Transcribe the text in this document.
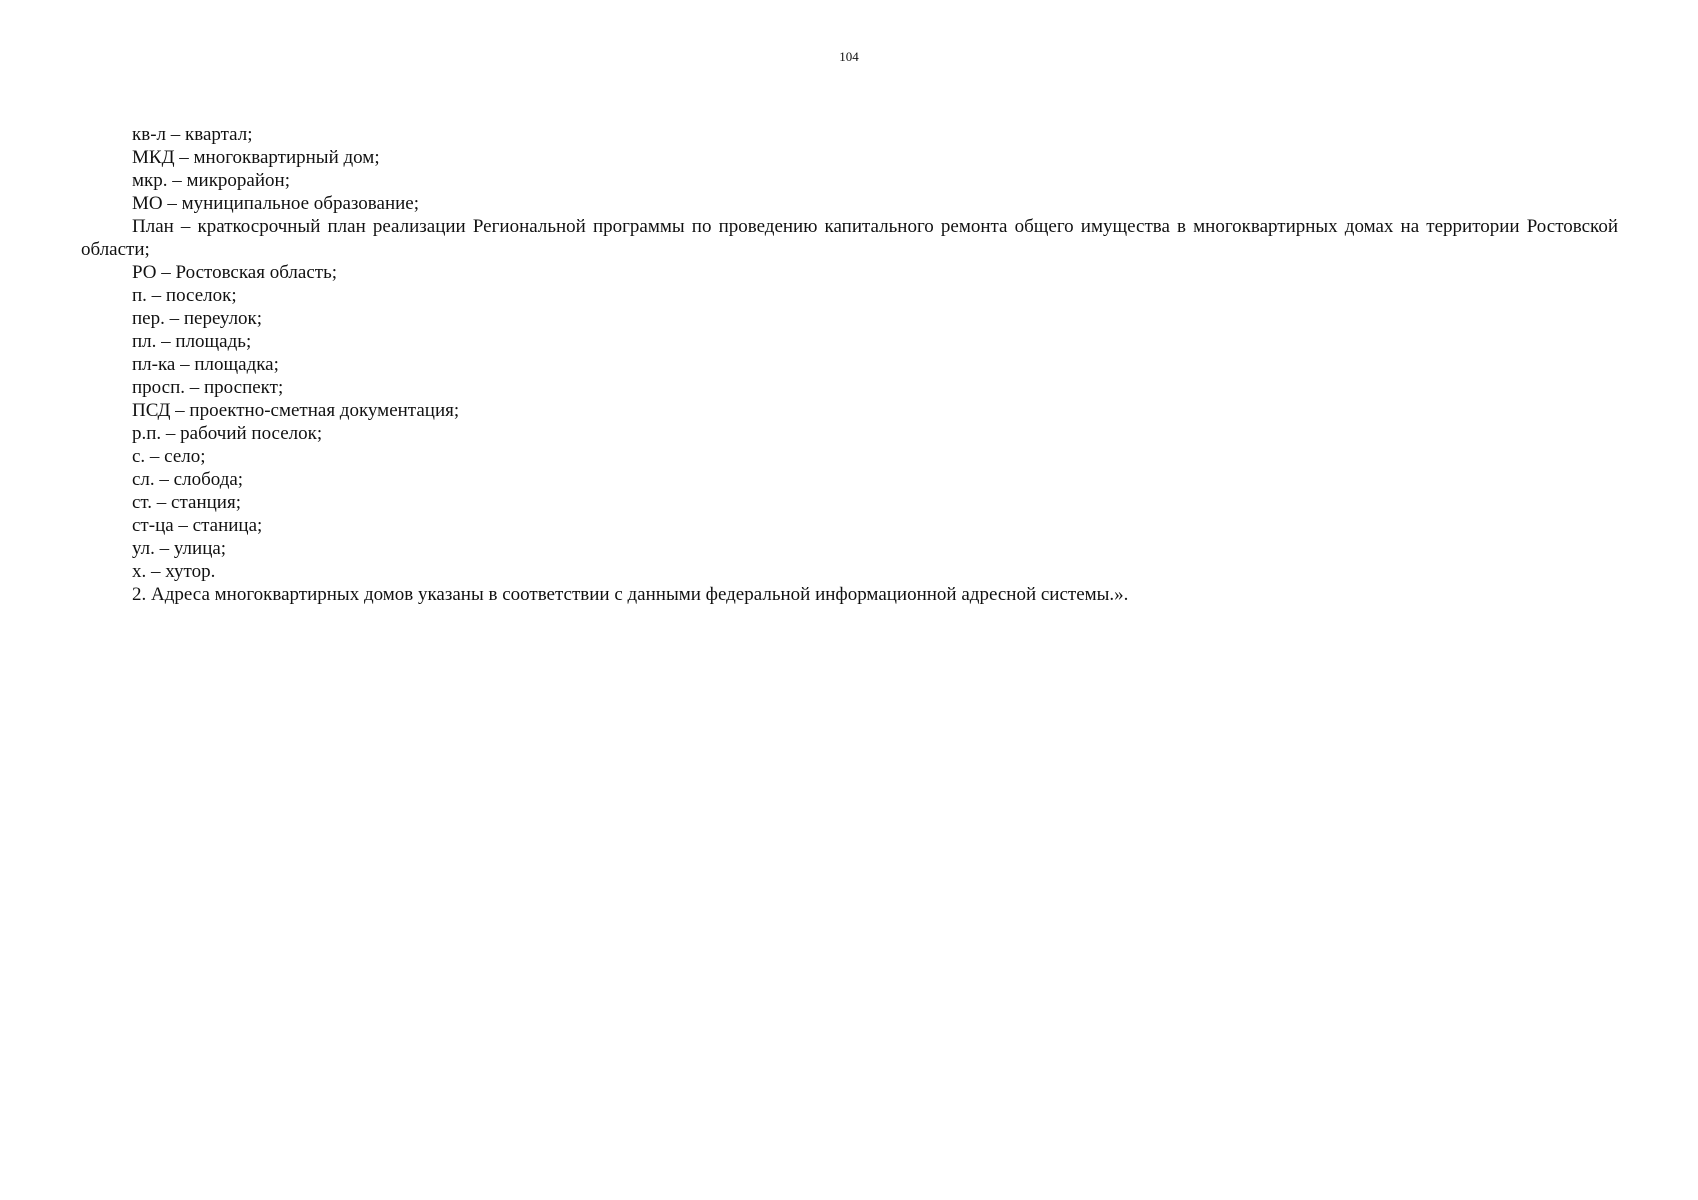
104

кв-л – квартал;

МКД – многоквартирный дом;

мкр. – микрорайон;

МО – муниципальное образование;

План – краткосрочный план реализации Региональной программы по проведению капитального ремонта общего имущества в многоквартирных домах на территории Ростовской области;

РО – Ростовская область;

п. – поселок;

пер. – переулок;

пл. – площадь;

пл-ка – площадка;

просп. – проспект;

ПСД – проектно-сметная документация;

р.п. – рабочий поселок;

с. – село;

сл. – слобода;

ст. – станция;

ст-ца – станица;

ул. – улица;

х. – хутор.

2. Адреса многоквартирных домов указаны в соответствии с данными федеральной информационной адресной системы.».
